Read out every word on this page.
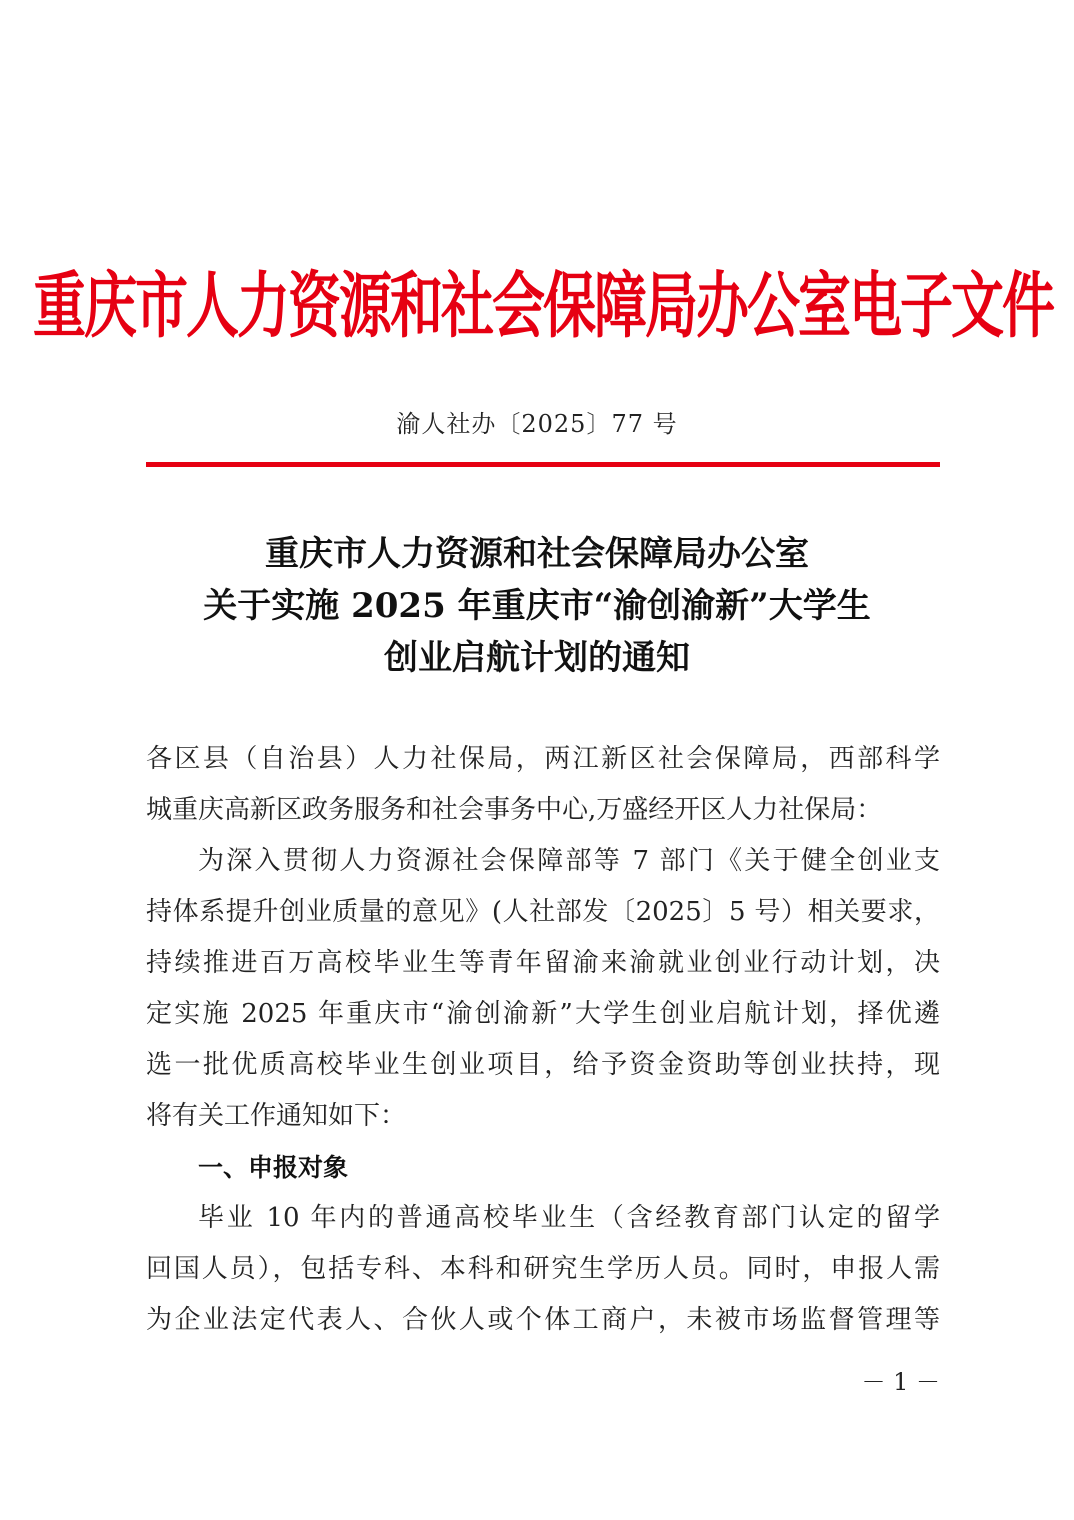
重庆市人力资源和社会保障局办公室电子文件
渝人社办〔2025〕77 号
重庆市人力资源和社会保障局办公室
关于实施 2025 年重庆市“渝创渝新”大学生
创业启航计划的通知
各区县（自治县）人力社保局，两江新区社会保障局，西部科学
城重庆高新区政务服务和社会事务中心,万盛经开区人力社保局：
为深入贯彻人力资源社会保障部等 7 部门《关于健全创业支
持体系提升创业质量的意见》(人社部发〔2025〕5 号）相关要求，
持续推进百万高校毕业生等青年留渝来渝就业创业行动计划，决
定实施 2025 年重庆市“渝创渝新”大学生创业启航计划，择优遴
选一批优质高校毕业生创业项目，给予资金资助等创业扶持，现
将有关工作通知如下：
一、申报对象
毕业 10 年内的普通高校毕业生（含经教育部门认定的留学
回国人员），包括专科、本科和研究生学历人员。同时，申报人需
为企业法定代表人、合伙人或个体工商户，未被市场监督管理等
－ 1 －
